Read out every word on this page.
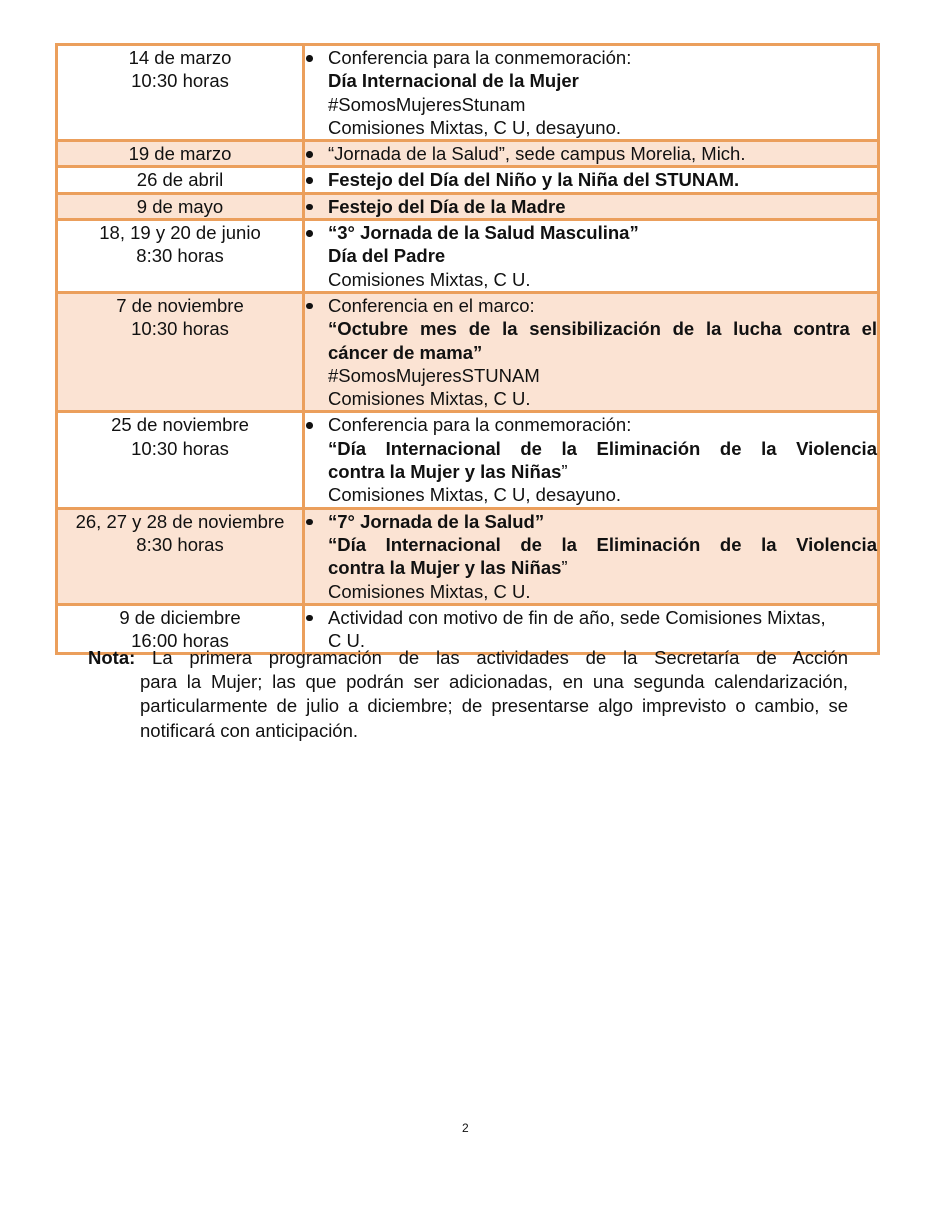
14 de marzo
10:30 horas	Conferencia para la conmemoración:
Día Internacional de la Mujer
#SomosMujeresStunam
Comisiones Mixtas, C U, desayuno.

19 de marzo	“Jornada de la Salud”, sede campus Morelia, Mich.

26 de abril	Festejo del Día del Niño y la Niña del STUNAM.

9 de mayo	Festejo del Día de la Madre

18, 19 y 20 de junio
8:30 horas	“3° Jornada de la Salud Masculina”
Día del Padre
Comisiones Mixtas, C U.

7 de noviembre
10:30 horas	Conferencia en el marco:
“Octubre mes de la sensibilización de la lucha contra el
cáncer de mama”
#SomosMujeresSTUNAM
Comisiones Mixtas, C U.

25 de noviembre
10:30 horas	Conferencia para la conmemoración:
“Día Internacional de la Eliminación de la Violencia
contra la Mujer y las Niñas”
Comisiones Mixtas, C U, desayuno.

26, 27 y 28 de noviembre
8:30 horas	“7° Jornada de la Salud”
“Día Internacional de la Eliminación de la Violencia
contra la Mujer y las Niñas”
Comisiones Mixtas, C U.

9 de diciembre
16:00 horas	Actividad con motivo de fin de año, sede Comisiones Mixtas,
C U.
Nota: La primera programación de las actividades de la Secretaría de Acción
para la Mujer; las que podrán ser adicionadas, en una segunda calendarización, particularmente de julio a diciembre; de presentarse algo imprevisto o cambio, se notificará con anticipación.
2
